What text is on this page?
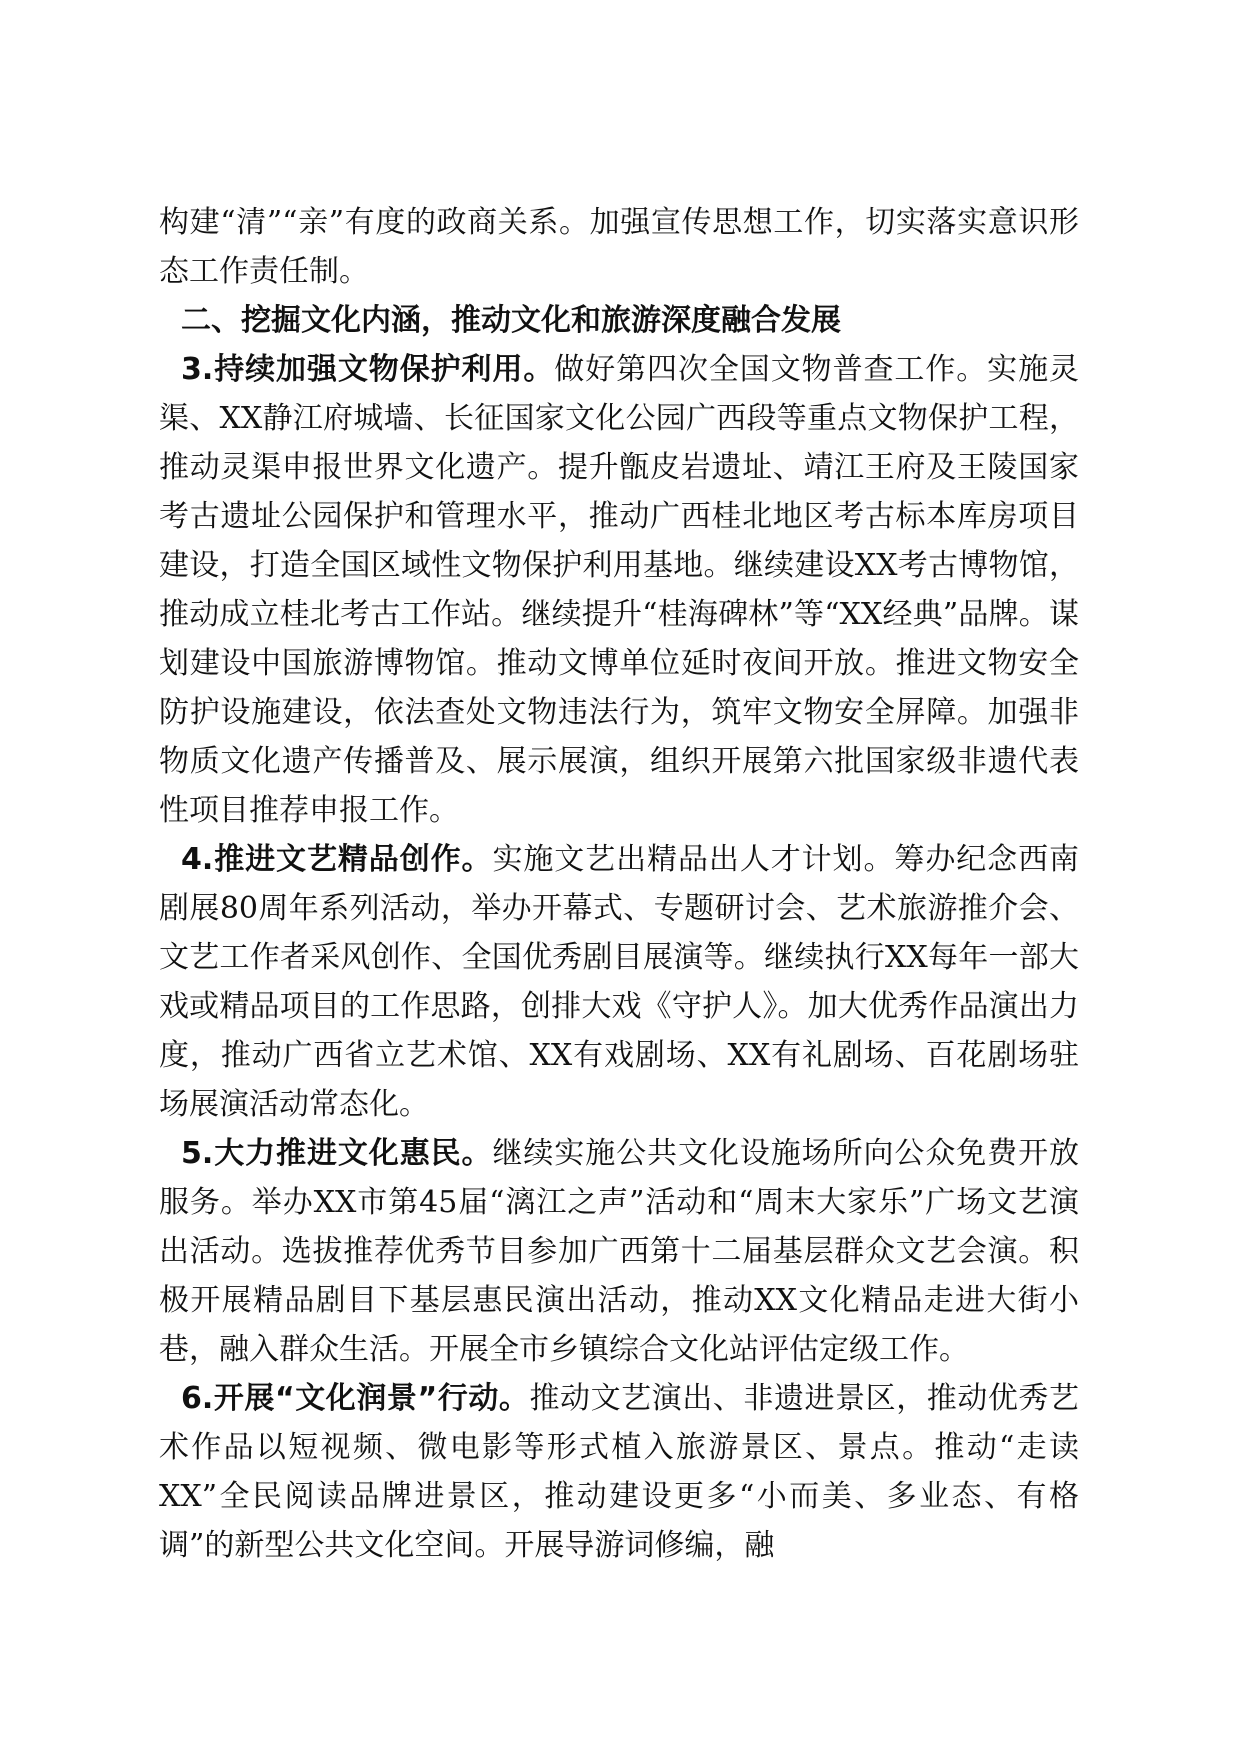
构建“清”“亲”有度的政商关系。加强宣传思想工作，切实落实意识形态工作责任制。

二、挖掘文化内涵，推动文化和旅游深度融合发展

3.持续加强文物保护利用。做好第四次全国文物普查工作。实施灵渠、XX静江府城墙、长征国家文化公园广西段等重点文物保护工程，推动灵渠申报世界文化遗产。提升甑皮岩遗址、靖江王府及王陵国家考古遗址公园保护和管理水平，推动广西桂北地区考古标本库房项目建设，打造全国区域性文物保护利用基地。继续建设XX考古博物馆，推动成立桂北考古工作站。继续提升“桂海碑林”等“XX经典”品牌。谋划建设中国旅游博物馆。推动文博单位延时夜间开放。推进文物安全防护设施建设，依法查处文物违法行为，筑牢文物安全屏障。加强非物质文化遗产传播普及、展示展演，组织开展第六批国家级非遗代表性项目推荐申报工作。

4.推进文艺精品创作。实施文艺出精品出人才计划。筹办纪念西南剧展80周年系列活动，举办开幕式、专题研讨会、艺术旅游推介会、文艺工作者采风创作、全国优秀剧目展演等。继续执行XX每年一部大戏或精品项目的工作思路，创排大戏《守护人》。加大优秀作品演出力度，推动广西省立艺术馆、XX有戏剧场、XX有礼剧场、百花剧场驻场展演活动常态化。

5.大力推进文化惠民。继续实施公共文化设施场所向公众免费开放服务。举办XX市第45届“漓江之声”活动和“周末大家乐”广场文艺演出活动。选拔推荐优秀节目参加广西第十二届基层群众文艺会演。积极开展精品剧目下基层惠民演出活动，推动XX文化精品走进大街小巷，融入群众生活。开展全市乡镇综合文化站评估定级工作。

6.开展“文化润景”行动。推动文艺演出、非遗进景区，推动优秀艺术作品以短视频、微电影等形式植入旅游景区、景点。推动“走读XX”全民阅读品牌进景区，推动建设更多“小而美、多业态、有格调”的新型公共文化空间。开展导游词修编，融
